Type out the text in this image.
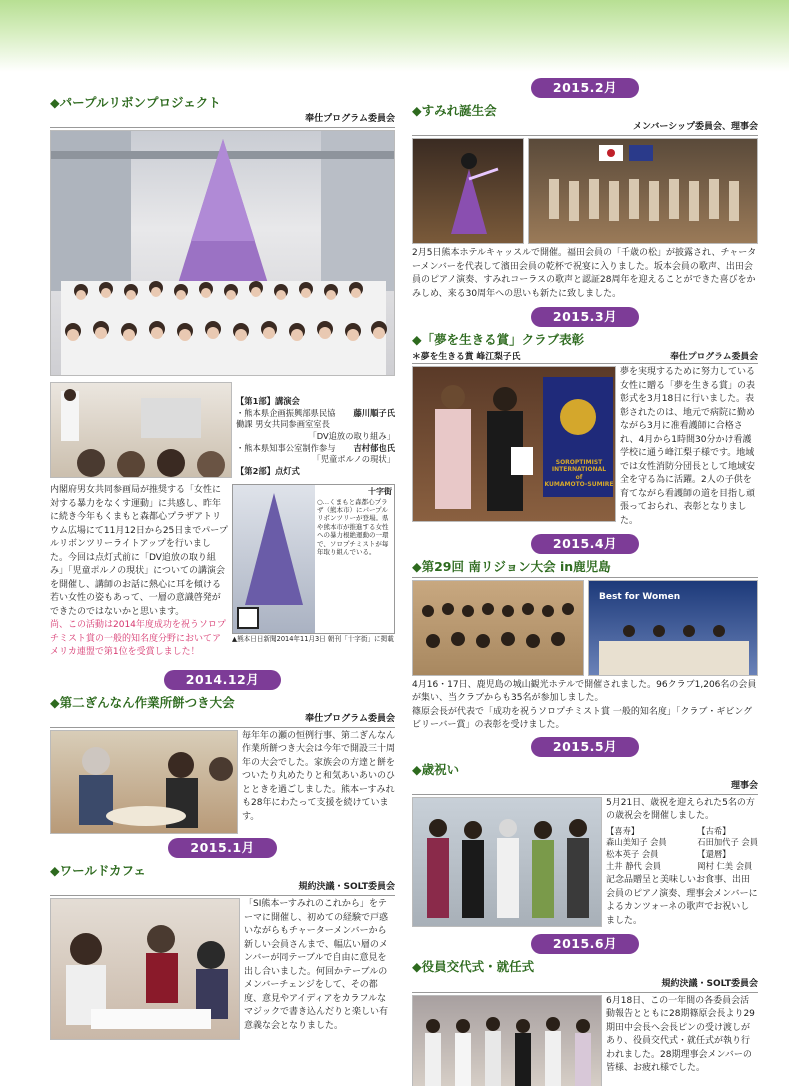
◆パープルリボンプロジェクト
奉仕プログラム委員会
【第1部】講演会
・熊本県企画振興部県民協働課 男女共同参画室室長
藤川順子氏
「DV追放の取り組み」
・熊本県知事公室制作参与 吉村郁也氏
「児童ポルノの現状」
【第2部】点灯式
内閣府男女共同参画局が推奨する「女性に対する暴力をなくす運動」に共感し、昨年に続き今年もくまもと森都心プラザアトリウム広場にて11月12日から25日までパープルリボンツリーライトアップを行いました。今回は点灯式前に「DV追放の取り組み」「児童ポルノの現状」についての講演会を開催し、講師のお話に熱心に耳を傾ける若い女性の姿もあって、一層の意識啓発ができたのではないかと思います。
尚、この活動は2014年度成功を祝うソロプチミスト賞の一般的知名度分野においてアメリカ連盟で第1位を受賞しました！
十字街
○…くまもと森都心プラザ（熊本市）にパープルリボンツリーが登場。県や熊本市が推進する女性への暴力根絶運動の一環で、ソロプチミストが毎年取り組んでいる。
▲熊本日日新聞2014年11月3日 朝刊「十字街」に掲載
2014.12月
◆第二ぎんなん作業所餅つき大会
奉仕プログラム委員会
毎年年の瀬の恒例行事、第二ぎんなん作業所餅つき大会は今年で開設三十周年の大会でした。家族会の方達と餅をついたり丸めたりと和気あいあいのひとときを過ごしました。熊本ーすみれも28年にわたって支援を続けています。
2015.1月
◆ワールドカフェ
規約決議・SOLT委員会
「SI熊本ーすみれのこれから」をテーマに開催し、初めての経験で戸惑いながらもチャーターメンバーから新しい会員さんまで、幅広い層のメンバーが同テーブルで自由に意見を出し合いました。何回かテーブルのメンバーチェンジをして、その都度、意見やアイディアをカラフルなマジックで書き込んだりと楽しい有意義な会となりました。
2015.2月
◆すみれ誕生会
メンバーシップ委員会、理事会
2月5日熊本ホテルキャッスルで開催。福田会員の「千歳の松」が披露され、チャーターメンバーを代表して濱田会員の乾杯で祝宴に入りました。坂本会員の歌声、出田会員のピアノ演奏、すみれコーラスの歌声と認証28周年を迎えることができた喜びをかみしめ、来る30周年への思いも新たに致しました。
2015.3月
◆「夢を生きる賞」クラブ表彰
＊夢を生きる賞 峰江梨子氏	奉仕プログラム委員会
SOROPTIMIST
INTERNATIONAL
of
KUMAMOTO-SUMIRE
夢を実現するために努力している女性に贈る「夢を生きる賞」の表彰式を3月18日に行いました。表彰されたのは、地元で病院に勤めながら3月に准看護師に合格され、4月から1時間30分かけ看護学校に通う峰江梨子様です。地域では女性消防分団長として地域安全を守る為に活躍。2人の子供を育てながら看護師の道を目指し頑張っておられ、表彰となりました。
2015.4月
◆第29回 南リジョン大会 in鹿児島
Best for Women
4月16・17日、鹿児島の城山観光ホテルで開催されました。96クラブ1,206名の会員が集い、当クラブからも35名が参加しました。
篠原会長が代表で「成功を祝うソロプチミスト賞 一般的知名度」「クラブ・ギビング ビリーバー賞」の表彰を受けました。
2015.5月
◆歳祝い
理事会
5月21日、歳祝を迎えられた5名の方の歳祝会を開催しました。
【喜寿】
森山美知子 会員
松本英子 会員
土井 静代 会員
【古希】
石田加代子 会員
【還暦】
岡村 仁美 会員
記念品贈呈と美味しいお食事、出田会員のピアノ演奏、理事会メンバーによるカンツォーネの歌声でお祝いしました。
2015.6月
◆役員交代式・就任式
規約決議・SOLT委員会
6月18日、この一年間の各委員会活動報告とともに28期篠原会長より29期田中会長へ会長ピンの受け渡しがあり、役員交代式・就任式が執り行われました。28期理事会メンバーの皆様、お疲れ様でした。
